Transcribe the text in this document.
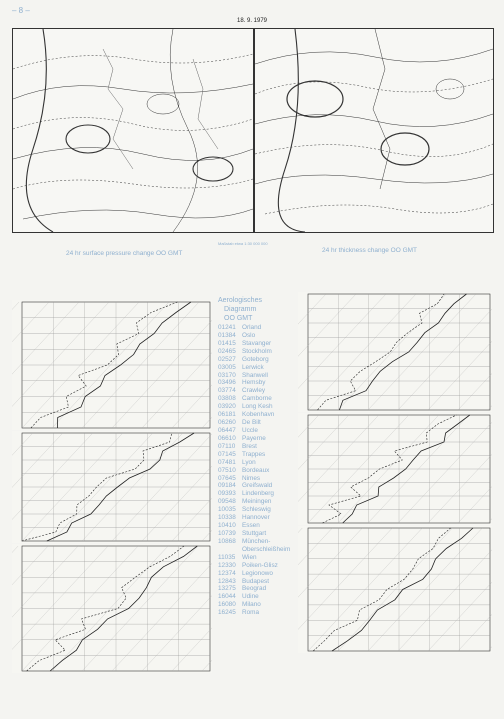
– 8 –
18. 9. 1979
Maßstab etwa 1:30 000 000
24 hr surface pressure change OO GMT	24 hr thickness change OO GMT
Aerologisches
Diagramm
OO GMT
01241 Orland
01384 Oslo
01415 Stavanger
02465 Stockholm
02527 Goteborg
03005 Lerwick
03170 Shanwell
03496 Hemsby
03774 Crawley
03808 Camborne
03920 Long Kesh
06181 Kobenhavn
06260 De Bilt
06447 Uccle
06610 Payerne
07110	Brest
07145 Trappes
07481 Lyon
07510 Bordeaux
07645 Nimes
09184 Greifswald
09393 Lindenberg
09548 Meiningen
10035 Schleswig
10338 Hannover
10410 Essen
10739 Stuttgart
10868 München-
Oberschleißheim
11035	Wien
12330 Poiken-Glisz
12374 Legionowo
12843 Budapest
13275 Beograd
16044 Udine
16080 Milano
16245 Roma
